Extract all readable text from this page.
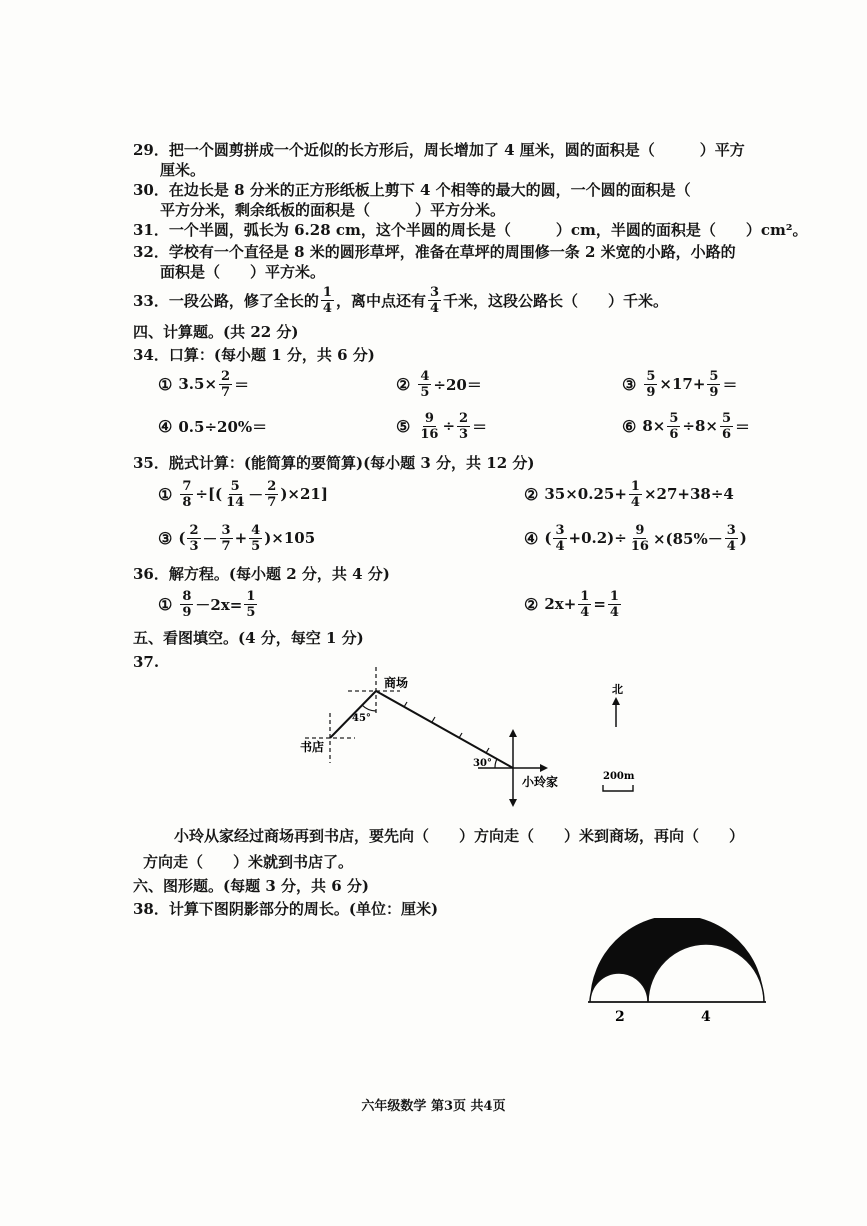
29．把一个圆剪拼成一个近似的长方形后，周长增加了 4 厘米，圆的面积是（　　　）平方
厘米。
30．在边长是 8 分米的正方形纸板上剪下 4 个相等的最大的圆，一个圆的面积是（　　
平方分米，剩余纸板的面积是（　　　）平方分米。
31．一个半圆，弧长为 6.28 cm，这个半圆的周长是（　　　）cm，半圆的面积是（　　）cm²。
32．学校有一个直径是 8 米的圆形草坪，准备在草坪的周围修一条 2 米宽的小路，小路的
面积是（　　）平方米。
33．一段公路，修了全长的 $\frac{1}{4}$ ，离中点还有 $\frac{3}{4}$ 千米，这段公路长（　　）千米。
四、计算题。(共 22 分)
34．口算：(每小题 1 分，共 6 分)
① $3.5\times \frac{2}{7}$ ＝	② $\frac{4}{5} \div 20=$	③ $\frac{5}{9} \times 17+ \frac{5}{9}$ ＝
④ 0.5÷20%＝	⑤ $\frac{9}{16} \div \frac{2}{3}$ ＝	⑥ $8\times \frac{5}{6} \div 8\times \frac{5}{6}$ ＝
35．脱式计算：(能简算的要简算)(每小题 3 分，共 12 分)
① $\frac{7}{8}$ ÷[( $\frac{5}{14} - \frac{2}{7} )\times 21$]	② $35\times 0.25+ \frac{1}{4} \times 27+38\div 4$
③ ( $\frac{2}{3} - \frac{3}{7} + \frac{4}{5} )\times 105$	④ ( $\frac{3}{4} +0.2)\div \frac{9}{16} \times(85\%- \frac{3}{4}$ )
36．解方程。(每小题 2 分，共 4 分)
① $\frac{8}{9} -2x= \frac{1}{5}$	② $2x+ \frac{1}{4} = \frac{1}{4}$
五、看图填空。(4 分，每空 1 分)
37.
商场
书店
小玲家
45°
30°
北
200m
小玲从家经过商场再到书店，要先向（　　）方向走（　　）米到商场，再向（　　）
方向走（　　）米就到书店了。
六、图形题。(每题 3 分，共 6 分)
38．计算下图阴影部分的周长。(单位：厘米)
2	4
六年级数学 第3页 共4页
